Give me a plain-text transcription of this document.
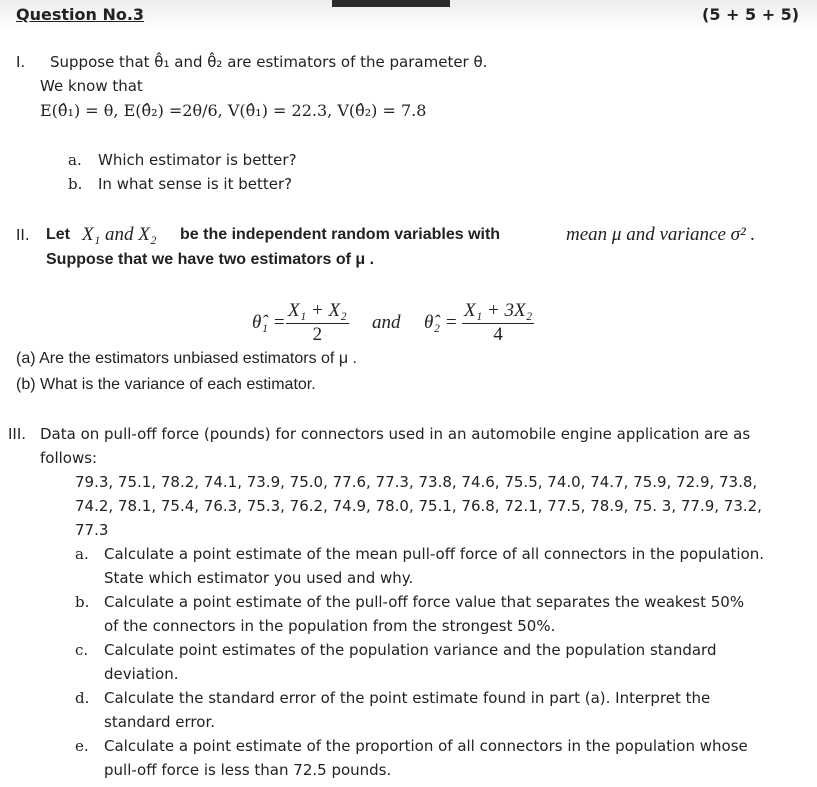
Question No.3	(5 + 5 + 5)
I. Suppose that θ̂₁ and θ̂₂ are estimators of the parameter θ.
We know that
E(θ̂₁) = θ, E(θ̂₂) =2θ/6, V(θ̂₁) = 22.3, V(θ̂₂) = 7.8
a. Which estimator is better?
b. In what sense is it better?
II. Let X₁ and X₂ be the independent random variables with	mean μ and variance σ² .
Suppose that we have two estimators of μ .
θ̂₁ = $\frac{\text{X₁ + X₂}}{2}$ and θ̂₂ = $\frac{\text{X₁ + 3X₂}}{4}$
(a) Are the estimators unbiased estimators of μ .
(b) What is the variance of each estimator.
III. Data on pull-off force (pounds) for connectors used in an automobile engine application are as
follows:
79.3, 75.1, 78.2, 74.1, 73.9, 75.0, 77.6, 77.3, 73.8, 74.6, 75.5, 74.0, 74.7, 75.9, 72.9, 73.8,
74.2, 78.1, 75.4, 76.3, 75.3, 76.2, 74.9, 78.0, 75.1, 76.8, 72.1, 77.5, 78.9, 75. 3, 77.9, 73.2,
77.3
a. Calculate a point estimate of the mean pull-off force of all connectors in the population.
State which estimator you used and why.
b. Calculate a point estimate of the pull-off force value that separates the weakest 50%
of the connectors in the population from the strongest 50%.
c. Calculate point estimates of the population variance and the population standard
deviation.
d. Calculate the standard error of the point estimate found in part (a). Interpret the
standard error.
e. Calculate a point estimate of the proportion of all connectors in the population whose
pull-off force is less than 72.5 pounds.
